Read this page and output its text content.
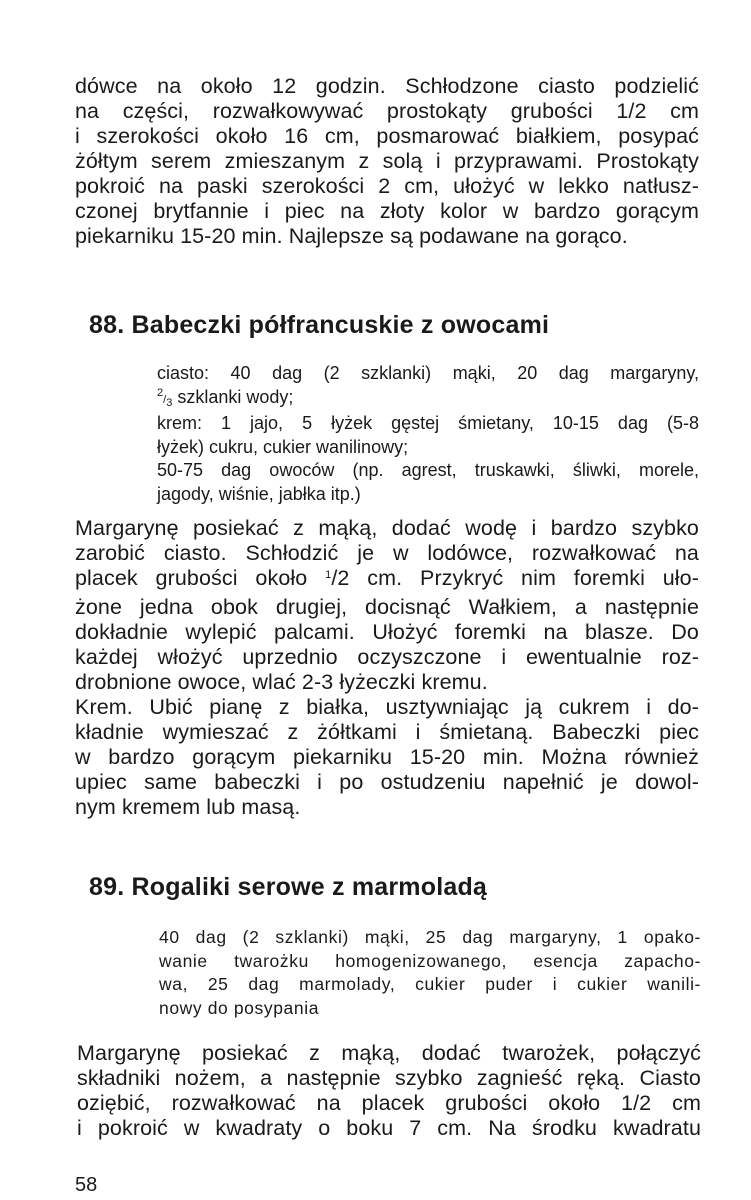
dówce na około 12 godzin. Schłodzone ciasto podzielić
na części, rozwałkowywać prostokąty grubości 1/2 cm
i szerokości około 16 cm, posmarować białkiem, posypać
żółtym serem zmieszanym z solą i przyprawami. Prostokąty
pokroić na paski szerokości 2 cm, ułożyć w lekko natłusz-
czonej brytfannie i piec na złoty kolor w bardzo gorącym
piekarniku 15-20 min. Najlepsze są podawane na gorąco.
88. Babeczki półfrancuskie z owocami
ciasto: 40 dag (2 szklanki) mąki, 20 dag margaryny,
2/3 szklanki wody;
krem: 1 jajo, 5 łyżek gęstej śmietany, 10-15 dag (5-8
łyżek) cukru, cukier wanilinowy;
50-75 dag owoców (np. agrest, truskawki, śliwki, morele,
jagody, wiśnie, jabłka itp.)
Margarynę posiekać z mąką, dodać wodę i bardzo szybko
zarobić ciasto. Schłodzić je w lodówce, rozwałkować na
placek grubości około 1/2 cm. Przykryć nim foremki uło-
żone jedna obok drugiej, docisnąć Wałkiem, a następnie
dokładnie wylepić palcami. Ułożyć foremki na blasze. Do
każdej włożyć uprzednio oczyszczone i ewentualnie roz-
drobnione owoce, wlać 2-3 łyżeczki kremu.
Krem. Ubić pianę z białka, usztywniając ją cukrem i do-
kładnie wymieszać z żółtkami i śmietaną. Babeczki piec
w bardzo gorącym piekarniku 15-20 min. Można również
upiec same babeczki i po ostudzeniu napełnić je dowol-
nym kremem lub masą.
89. Rogaliki serowe z marmoladą
40 dag (2 szklanki) mąki, 25 dag margaryny, 1 opako-
wanie twarożku homogenizowanego, esencja zapacho-
wa, 25 dag marmolady, cukier puder i cukier wanili-
nowy do posypania
Margarynę posiekać z mąką, dodać twarożek, połączyć
składniki nożem, a następnie szybko zagnieść ręką. Ciasto
oziębić, rozwałkować na placek grubości około 1/2 cm
i pokroić w kwadraty o boku 7 cm. Na środku kwadratu
58
